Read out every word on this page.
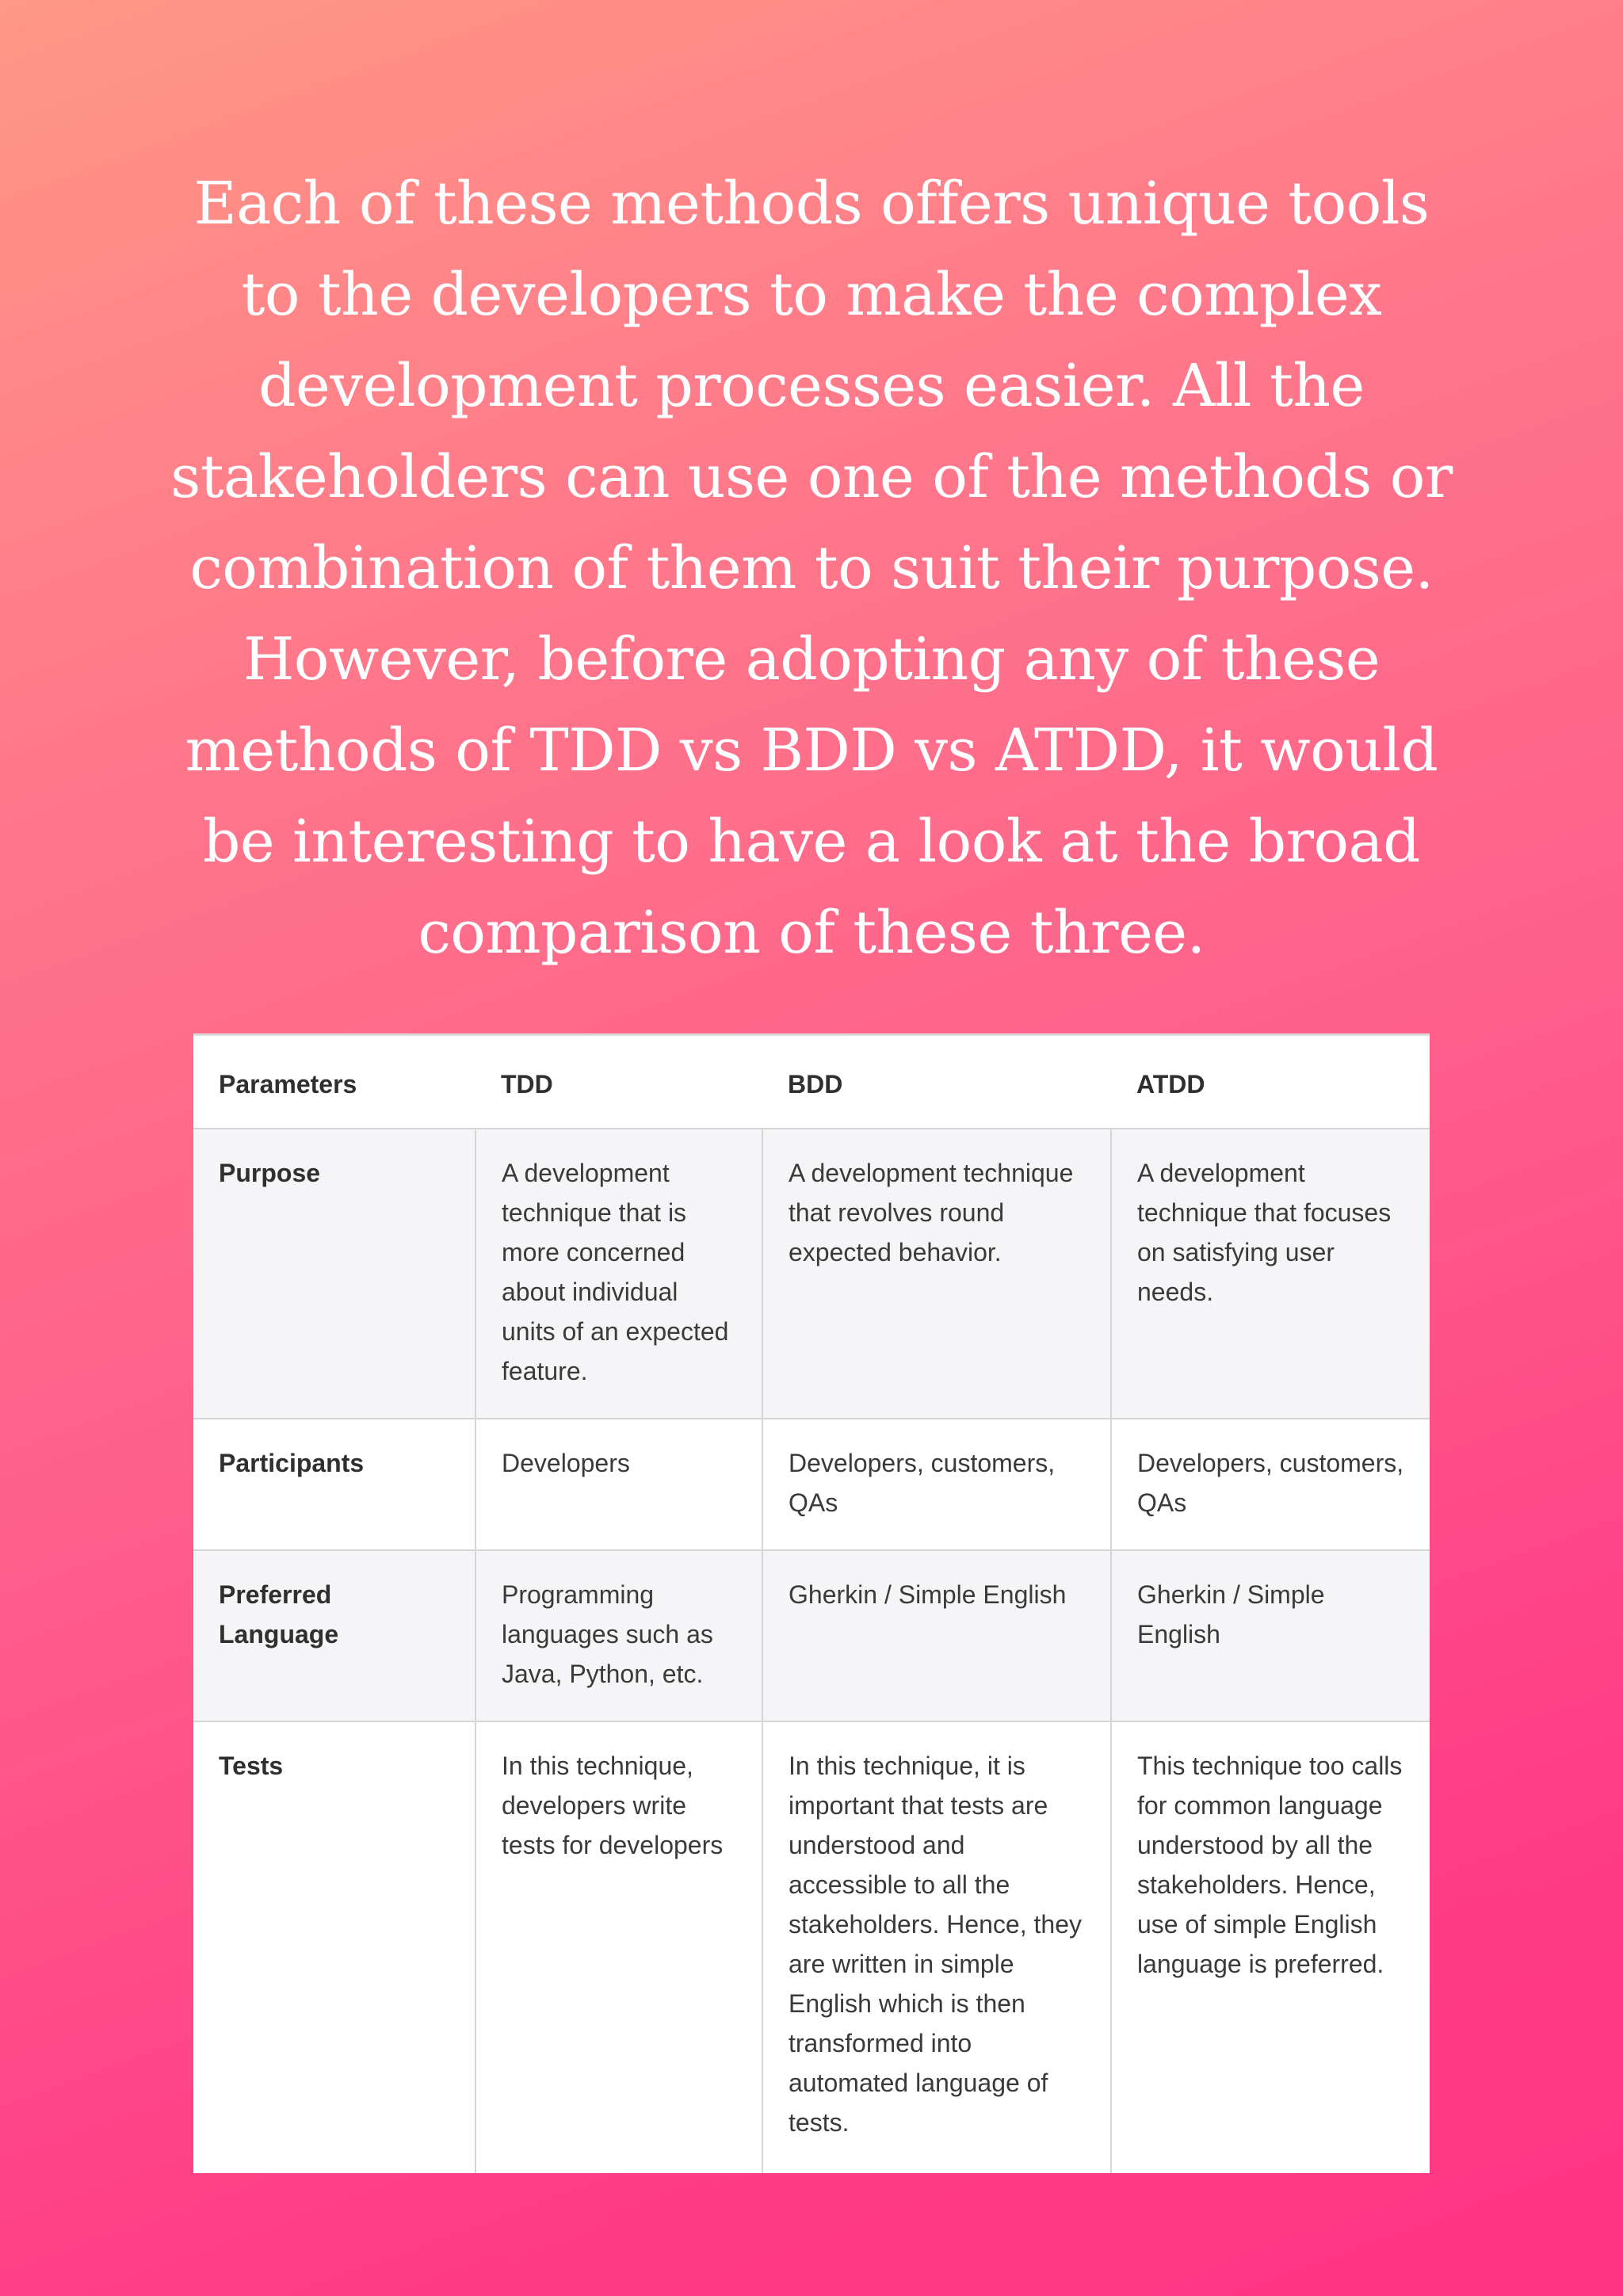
Each of these methods offers unique tools to the developers to make the complex development processes easier. All the stakeholders can use one of the methods or combination of them to suit their purpose. However, before adopting any of these methods of TDD vs BDD vs ATDD, it would be interesting to have a look at the broad comparison of these three.

Parameters	TDD	BDD	ATDD
Purpose	A development technique that is more concerned about individual units of an expected feature.	A development technique that revolves round expected behavior.	A development technique that focuses on satisfying user needs.
Participants	Developers	Developers, customers, QAs	Developers, customers, QAs
Preferred Language	Programming languages such as Java, Python, etc.	Gherkin / Simple English	Gherkin / Simple English
Tests	In this technique, developers write tests for developers	In this technique, it is important that tests are understood and accessible to all the stakeholders. Hence, they are written in simple English which is then transformed into automated language of tests.	This technique too calls for common language understood by all the stakeholders. Hence, use of simple English language is preferred.
